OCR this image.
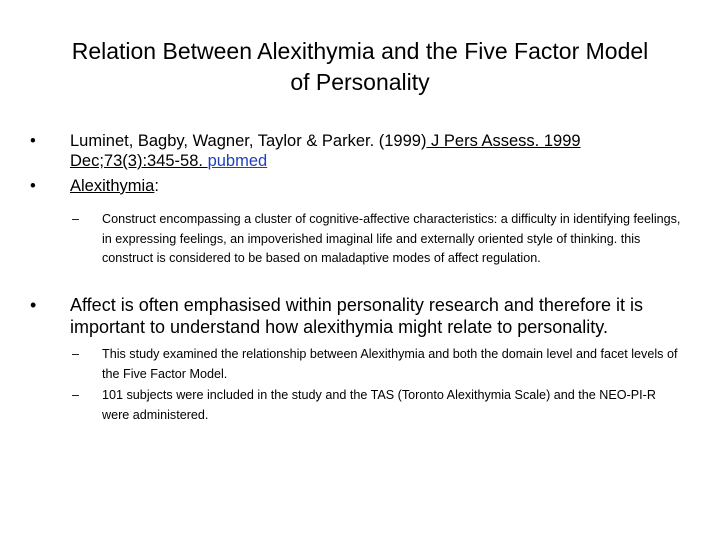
Relation Between Alexithymia and the Five Factor Model of Personality
• Luminet, Bagby, Wagner, Taylor & Parker. (1999) J Pers Assess. 1999 Dec;73(3):345-58. pubmed
• Alexithymia:
– Construct encompassing a cluster of cognitive-affective characteristics: a difficulty in identifying feelings, in expressing feelings, an impoverished imaginal life and externally oriented style of thinking. this construct is considered to be based on maladaptive modes of affect regulation.
• Affect is often emphasised within personality research and therefore it is important to understand how alexithymia might relate to personality.
– This study examined the relationship between Alexithymia and both the domain level and facet levels of the Five Factor Model.
– 101 subjects were included in the study and the TAS (Toronto Alexithymia Scale) and the NEO-PI-R were administered.
